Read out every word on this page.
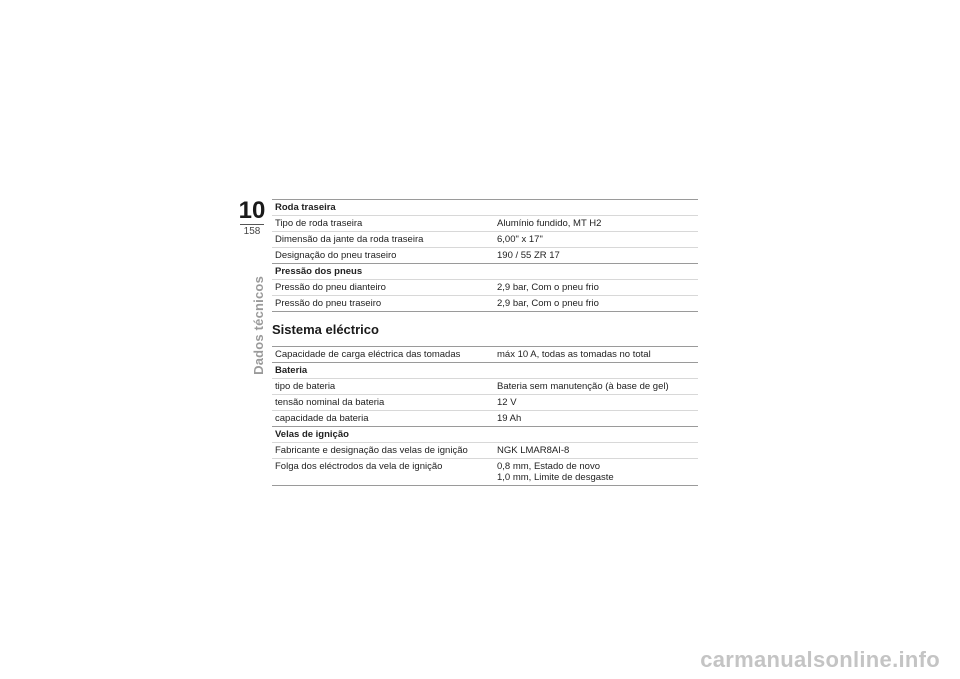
10
158
Dados técnicos
Roda traseira
Tipo de roda traseira	Alumínio fundido, MT H2
Dimensão da jante da roda traseira	6,00" x 17"
Designação do pneu traseiro	190 / 55 ZR 17
Pressão dos pneus
Pressão do pneu dianteiro	2,9 bar, Com o pneu frio
Pressão do pneu traseiro	2,9 bar, Com o pneu frio
Sistema eléctrico
Capacidade de carga eléctrica das tomadas	máx 10 A, todas as tomadas no total
Bateria
tipo de bateria	Bateria sem manutenção (à base de gel)
tensão nominal da bateria	12 V
capacidade da bateria	19 Ah
Velas de ignição
Fabricante e designação das velas de ignição	NGK LMAR8AI-8
Folga dos eléctrodos da vela de ignição	0,8 mm, Estado de novo
1,0 mm, Limite de desgaste
carmanualsonline.info
